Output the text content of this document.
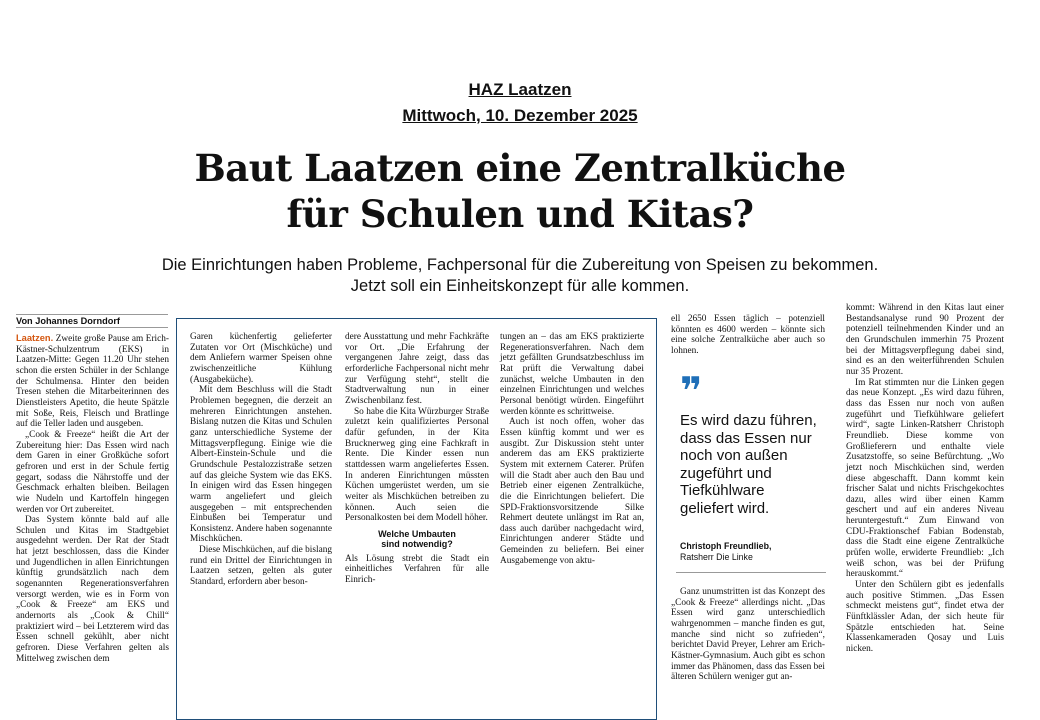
HAZ Laatzen
Mittwoch, 10. Dezember 2025
Baut Laatzen eine Zentralküche
für Schulen und Kitas?
Die Einrichtungen haben Probleme, Fachpersonal für die Zubereitung von Speisen zu bekommen.
Jetzt soll ein Einheitskonzept für alle kommen.
Von Johannes Dorndorf

Laatzen. Zweite große Pause am Erich-Kästner-Schulzentrum (EKS) in Laatzen-Mitte: Gegen 11.20 Uhr stehen schon die ersten Schüler in der Schlange der Schulmensa. Hinter den beiden Tresen stehen die Mitarbeiterinnen des Dienstleisters Apetito, die heute Spätzle mit Soße, Reis, Fleisch und Bratlinge auf die Teller laden und ausgeben.

„Cook & Freeze“ heißt die Art der Zubereitung hier: Das Essen wird nach dem Garen in einer Großküche sofort gefroren und erst in der Schule fertig gegart, sodass die Nährstoffe und der Geschmack erhalten bleiben. Beilagen wie Nudeln und Kartoffeln hingegen werden vor Ort zubereitet.

Das System könnte bald auf alle Schulen und Kitas im Stadtgebiet ausgedehnt werden. Der Rat der Stadt hat jetzt beschlossen, dass die Kinder und Jugendlichen in allen Einrichtungen künftig grundsätzlich nach dem sogenannten Regenerationsverfahren versorgt werden, wie es in Form von „Cook & Freeze“ am EKS und andernorts als „Cook & Chill“ praktiziert wird – bei Letzterem wird das Essen schnell gekühlt, aber nicht gefroren. Diese Verfahren gelten als Mittelweg zwischen dem

Garen küchenfertig gelieferter Zutaten vor Ort (Mischküche) und dem Anliefern warmer Speisen ohne zwischenzeitliche Kühlung (Ausgabeküche).

Mit dem Beschluss will die Stadt Problemen begegnen, die derzeit an mehreren Einrichtungen anstehen. Bislang nutzen die Kitas und Schulen ganz unterschiedliche Systeme der Mittagsverpflegung. Einige wie die Albert-Einstein-Schule und die Grundschule Pestalozzistraße setzen auf das gleiche System wie das EKS. In einigen wird das Essen hingegen warm angeliefert und gleich ausgegeben – mit entsprechenden Einbußen bei Temperatur und Konsistenz. Andere haben sogenannte Mischküchen.

Diese Mischküchen, auf die bislang rund ein Drittel der Einrichtungen in Laatzen setzen, gelten als guter Standard, erfordern aber beson-

dere Ausstattung und mehr Fachkräfte vor Ort. „Die Erfahrung der vergangenen Jahre zeigt, dass das erforderliche Fachpersonal nicht mehr zur Verfügung steht“, stellt die Stadtverwaltung nun in einer Zwischenbilanz fest.

So habe die Kita Würzburger Straße zuletzt kein qualifiziertes Personal dafür gefunden, in der Kita Brucknerweg ging eine Fachkraft in Rente. Die Kinder essen nun stattdessen warm angeliefertes Essen. In anderen Einrichtungen müssten Küchen umgerüstet werden, um sie weiter als Mischküchen betreiben zu können. Auch seien die Personalkosten bei dem Modell höher.

Welche Umbauten
sind notwendig?

Als Lösung strebt die Stadt ein einheitliches Verfahren für alle Einrich-

tungen an – das am EKS praktizierte Regenerationsverfahren. Nach dem jetzt gefällten Grundsatzbeschluss im Rat prüft die Verwaltung dabei zunächst, welche Umbauten in den einzelnen Einrichtungen und welches Personal benötigt würden. Eingeführt werden könnte es schrittweise.

Auch ist noch offen, woher das Essen künftig kommt und wer es ausgibt. Zur Diskussion steht unter anderem das am EKS praktizierte System mit externem Caterer. Prüfen will die Stadt aber auch den Bau und Betrieb einer eigenen Zentralküche, die die Einrichtungen beliefert. Die SPD-Fraktionsvorsitzende Silke Rehmert deutete unlängst im Rat an, dass auch darüber nachgedacht wird, Einrichtungen anderer Städte und Gemeinden zu beliefern. Bei einer Ausgabemenge von aktu-

ell 2650 Essen täglich – potenziell könnten es 4600 werden – könnte sich eine solche Zentralküche aber auch so lohnen.

❞
Es wird dazu führen, dass das Essen nur noch von außen zugeführt und Tiefkühlware geliefert wird.
Christoph Freundlieb,
Ratsherr Die Linke

Ganz unumstritten ist das Konzept des „Cook & Freeze“ allerdings nicht. „Das Essen wird ganz unterschiedlich wahrgenommen – manche finden es gut, manche sind nicht so zufrieden“, berichtet David Preyer, Lehrer am Erich-Kästner-Gymnasium. Auch gibt es schon immer das Phänomen, dass das Essen bei älteren Schülern weniger gut an-

kommt: Während in den Kitas laut einer Bestandsanalyse rund 90 Prozent der potenziell teilnehmenden Kinder und an den Grundschulen immerhin 75 Prozent bei der Mittagsverpflegung dabei sind, sind es an den weiterführenden Schulen nur 35 Prozent.

Im Rat stimmten nur die Linken gegen das neue Konzept. „Es wird dazu führen, dass das Essen nur noch von außen zugeführt und Tiefkühlware geliefert wird“, sagte Linken-Ratsherr Christoph Freundlieb. Diese komme von Großlieferern und enthalte viele Zusatzstoffe, so seine Befürchtung. „Wo jetzt noch Mischküchen sind, werden diese abgeschafft. Dann kommt kein frischer Salat und nichts Frischgekochtes dazu, alles wird über einen Kamm geschert und auf ein anderes Niveau heruntergestuft.“ Zum Einwand von CDU-Fraktionschef Fabian Bodenstab, dass die Stadt eine eigene Zentralküche prüfen wolle, erwiderte Freundlieb: „Ich weiß schon, was bei der Prüfung herauskommt.“

Unter den Schülern gibt es jedenfalls auch positive Stimmen. „Das Essen schmeckt meistens gut“, findet etwa der Fünftklässler Adan, der sich heute für Spätzle entschieden hat. Seine Klassenkameraden Qosay und Luis nicken.
